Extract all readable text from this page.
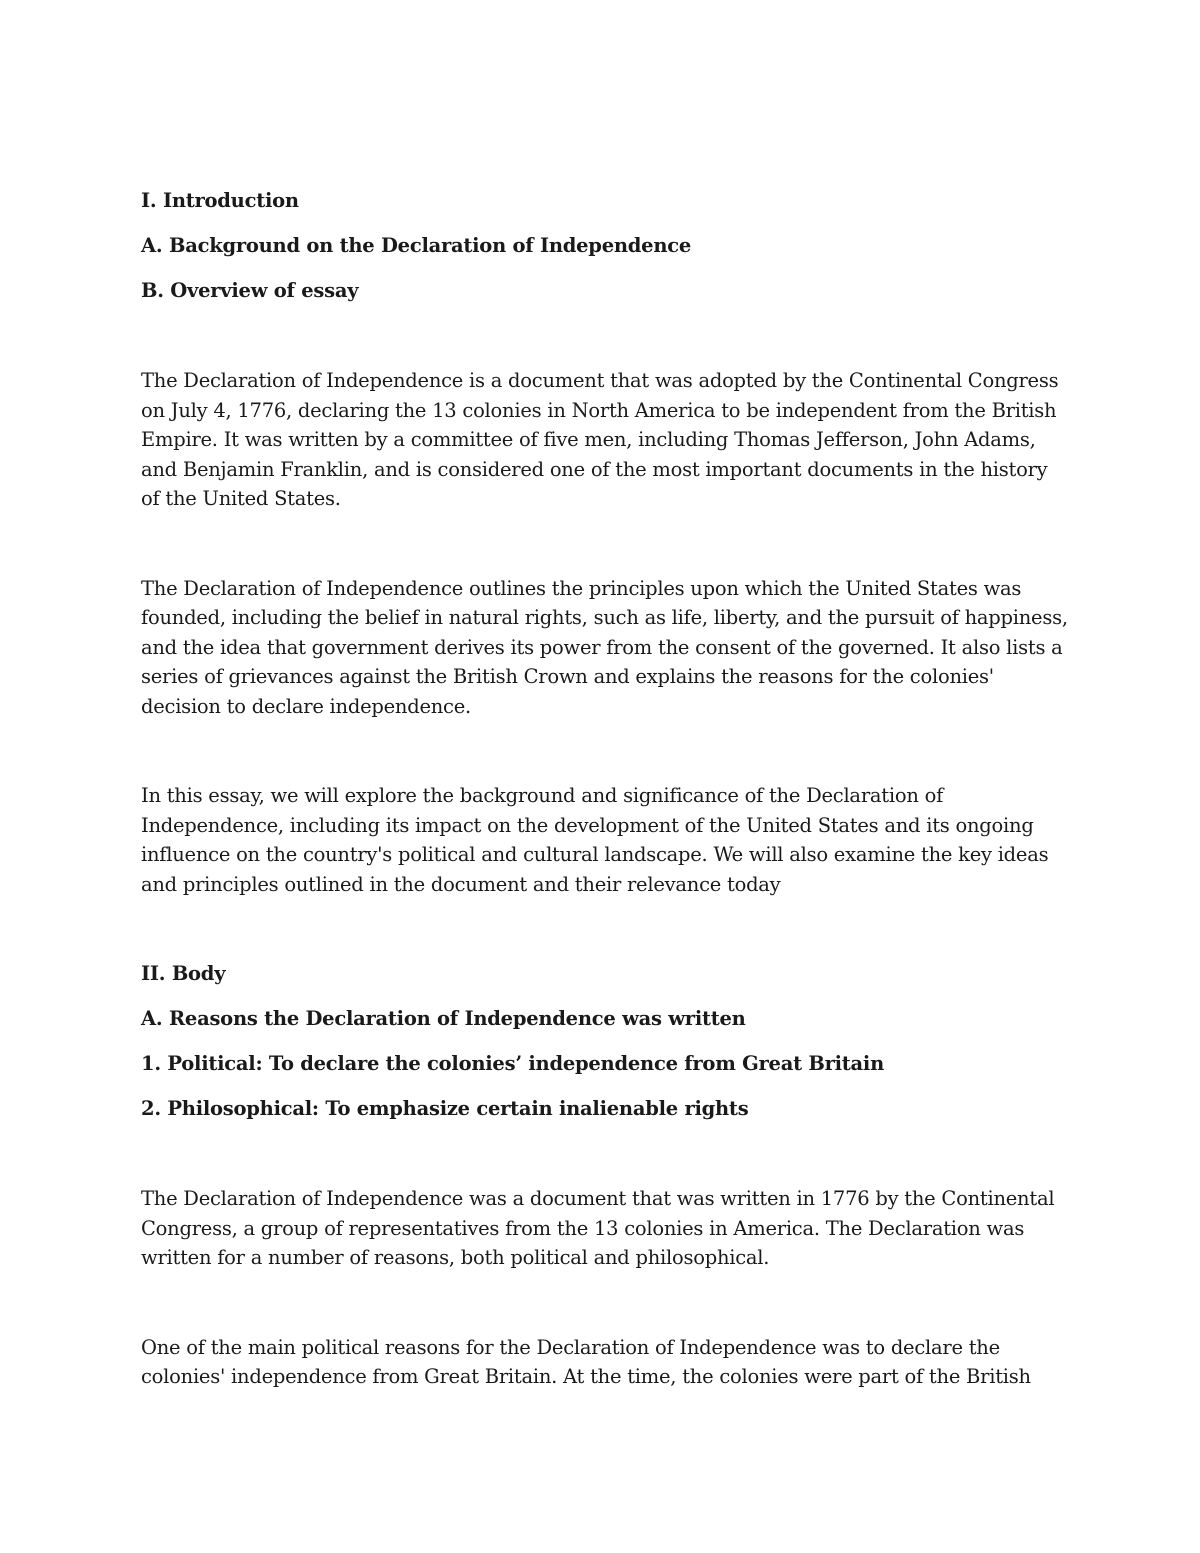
I. Introduction

A. Background on the Declaration of Independence

B. Overview of essay

The Declaration of Independence is a document that was adopted by the Continental Congress on July 4, 1776, declaring the 13 colonies in North America to be independent from the British Empire. It was written by a committee of five men, including Thomas Jefferson, John Adams, and Benjamin Franklin, and is considered one of the most important documents in the history of the United States.

The Declaration of Independence outlines the principles upon which the United States was founded, including the belief in natural rights, such as life, liberty, and the pursuit of happiness, and the idea that government derives its power from the consent of the governed. It also lists a series of grievances against the British Crown and explains the reasons for the colonies' decision to declare independence.

In this essay, we will explore the background and significance of the Declaration of Independence, including its impact on the development of the United States and its ongoing influence on the country's political and cultural landscape. We will also examine the key ideas and principles outlined in the document and their relevance today

II. Body

A. Reasons the Declaration of Independence was written

1. Political: To declare the colonies’ independence from Great Britain

2. Philosophical: To emphasize certain inalienable rights

The Declaration of Independence was a document that was written in 1776 by the Continental Congress, a group of representatives from the 13 colonies in America. The Declaration was written for a number of reasons, both political and philosophical.

One of the main political reasons for the Declaration of Independence was to declare the colonies' independence from Great Britain. At the time, the colonies were part of the British
